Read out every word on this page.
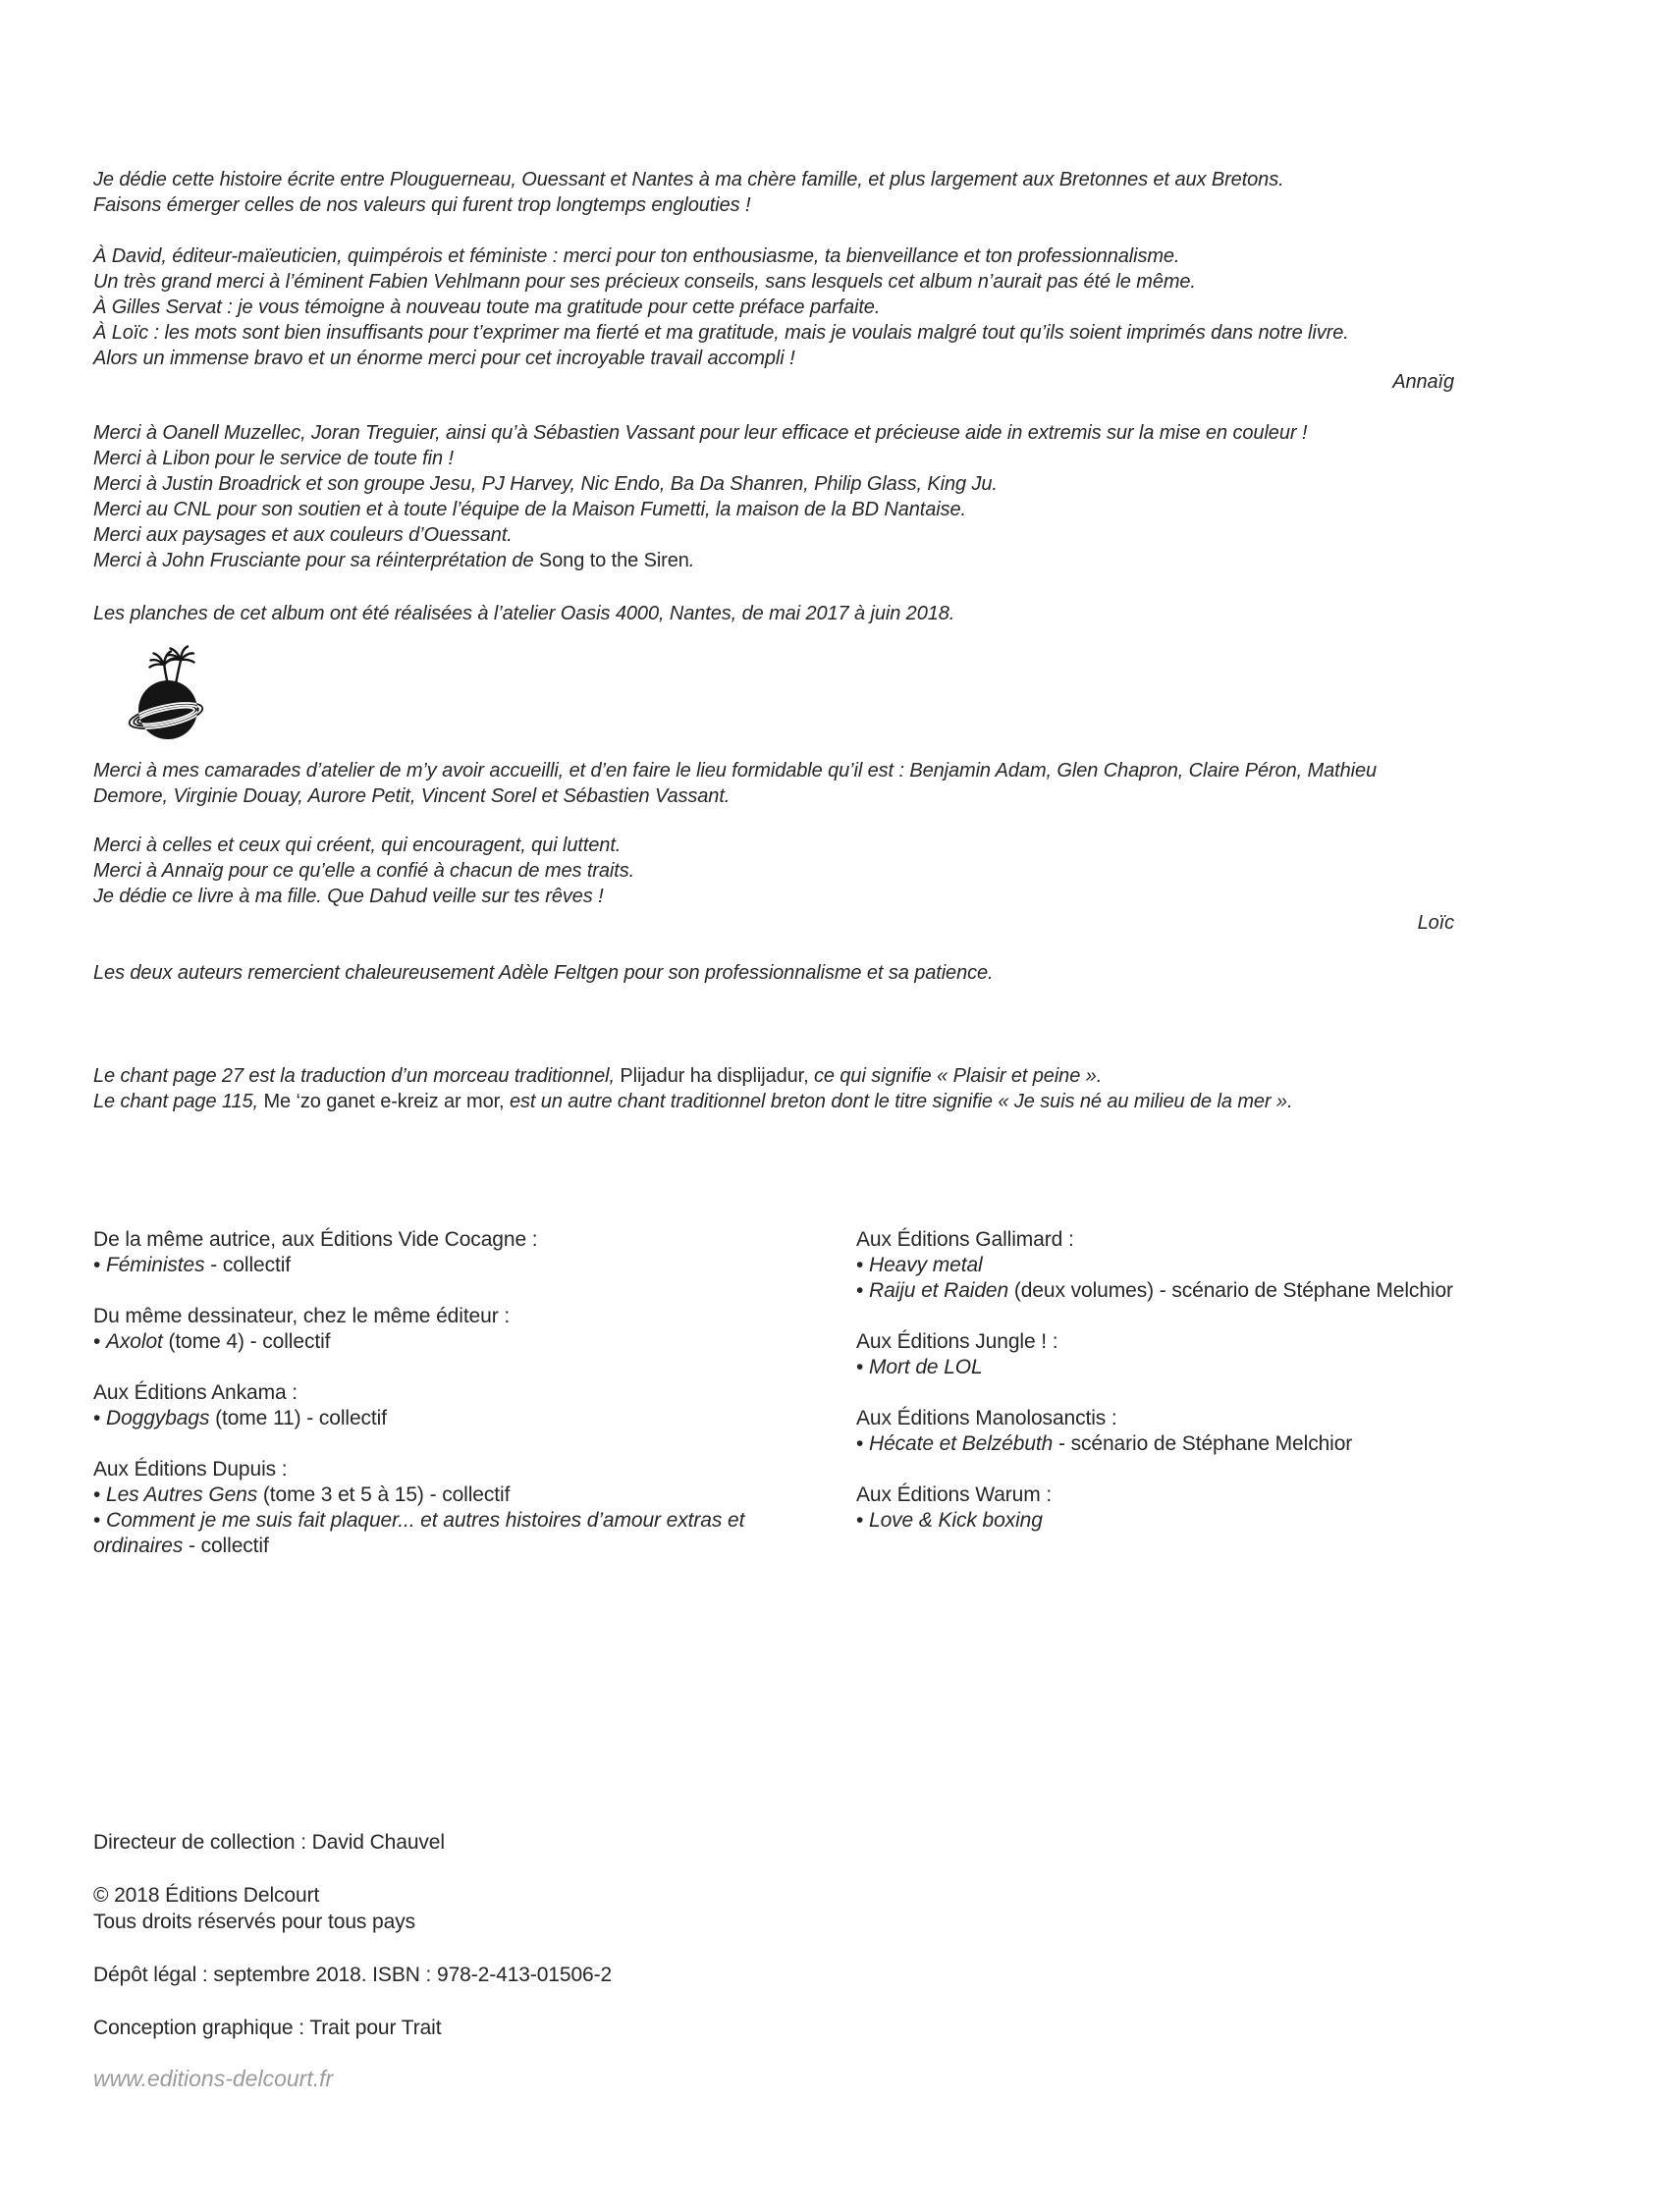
Je dédie cette histoire écrite entre Plouguerneau, Ouessant et Nantes à ma chère famille, et plus largement aux Bretonnes et aux Bretons.
Faisons émerger celles de nos valeurs qui furent trop longtemps englouties !
À David, éditeur-maïeuticien, quimpérois et féministe : merci pour ton enthousiasme, ta bienveillance et ton professionnalisme.
Un très grand merci à l’éminent Fabien Vehlmann pour ses précieux conseils, sans lesquels cet album n’aurait pas été le même.
À Gilles Servat : je vous témoigne à nouveau toute ma gratitude pour cette préface parfaite.
À Loïc : les mots sont bien insuffisants pour t’exprimer ma fierté et ma gratitude, mais je voulais malgré tout qu’ils soient imprimés dans notre livre.
Alors un immense bravo et un énorme merci pour cet incroyable travail accompli !
Annaïg
Merci à Oanell Muzellec, Joran Treguier, ainsi qu’à Sébastien Vassant pour leur efficace et précieuse aide in extremis sur la mise en couleur !
Merci à Libon pour le service de toute fin !
Merci à Justin Broadrick et son groupe Jesu, PJ Harvey, Nic Endo, Ba Da Shanren, Philip Glass, King Ju.
Merci au CNL pour son soutien et à toute l’équipe de la Maison Fumetti, la maison de la BD Nantaise.
Merci aux paysages et aux couleurs d’Ouessant.
Merci à John Frusciante pour sa réinterprétation de Song to the Siren.
Les planches de cet album ont été réalisées à l’atelier Oasis 4000, Nantes, de mai 2017 à juin 2018.
Merci à mes camarades d’atelier de m’y avoir accueilli, et d’en faire le lieu formidable qu’il est : Benjamin Adam, Glen Chapron, Claire Péron, Mathieu
Demore, Virginie Douay, Aurore Petit, Vincent Sorel et Sébastien Vassant.
Merci à celles et ceux qui créent, qui encouragent, qui luttent.
Merci à Annaïg pour ce qu’elle a confié à chacun de mes traits.
Je dédie ce livre à ma fille. Que Dahud veille sur tes rêves !
Loïc
Les deux auteurs remercient chaleureusement Adèle Feltgen pour son professionnalisme et sa patience.
Le chant page 27 est la traduction d’un morceau traditionnel, Plijadur ha displijadur, ce qui signifie « Plaisir et peine ».
Le chant page 115, Me ‘zo ganet e-kreiz ar mor, est un autre chant traditionnel breton dont le titre signifie « Je suis né au milieu de la mer ».
De la même autrice, aux Éditions Vide Cocagne :
• Féministes - collectif
Du même dessinateur, chez le même éditeur :
• Axolot (tome 4) - collectif
Aux Éditions Ankama :
• Doggybags (tome 11) - collectif
Aux Éditions Dupuis :
• Les Autres Gens (tome 3 et 5 à 15) - collectif
• Comment je me suis fait plaquer... et autres histoires d’amour extras et
ordinaires - collectif
Aux Éditions Gallimard :
• Heavy metal
• Raiju et Raiden (deux volumes) - scénario de Stéphane Melchior
Aux Éditions Jungle ! :
• Mort de LOL
Aux Éditions Manolosanctis :
• Hécate et Belzébuth - scénario de Stéphane Melchior
Aux Éditions Warum :
• Love & Kick boxing
Directeur de collection : David Chauvel

© 2018 Éditions Delcourt
Tous droits réservés pour tous pays

Dépôt légal : septembre 2018. ISBN : 978-2-413-01506-2

Conception graphique : Trait pour Trait
www.editions-delcourt.fr
